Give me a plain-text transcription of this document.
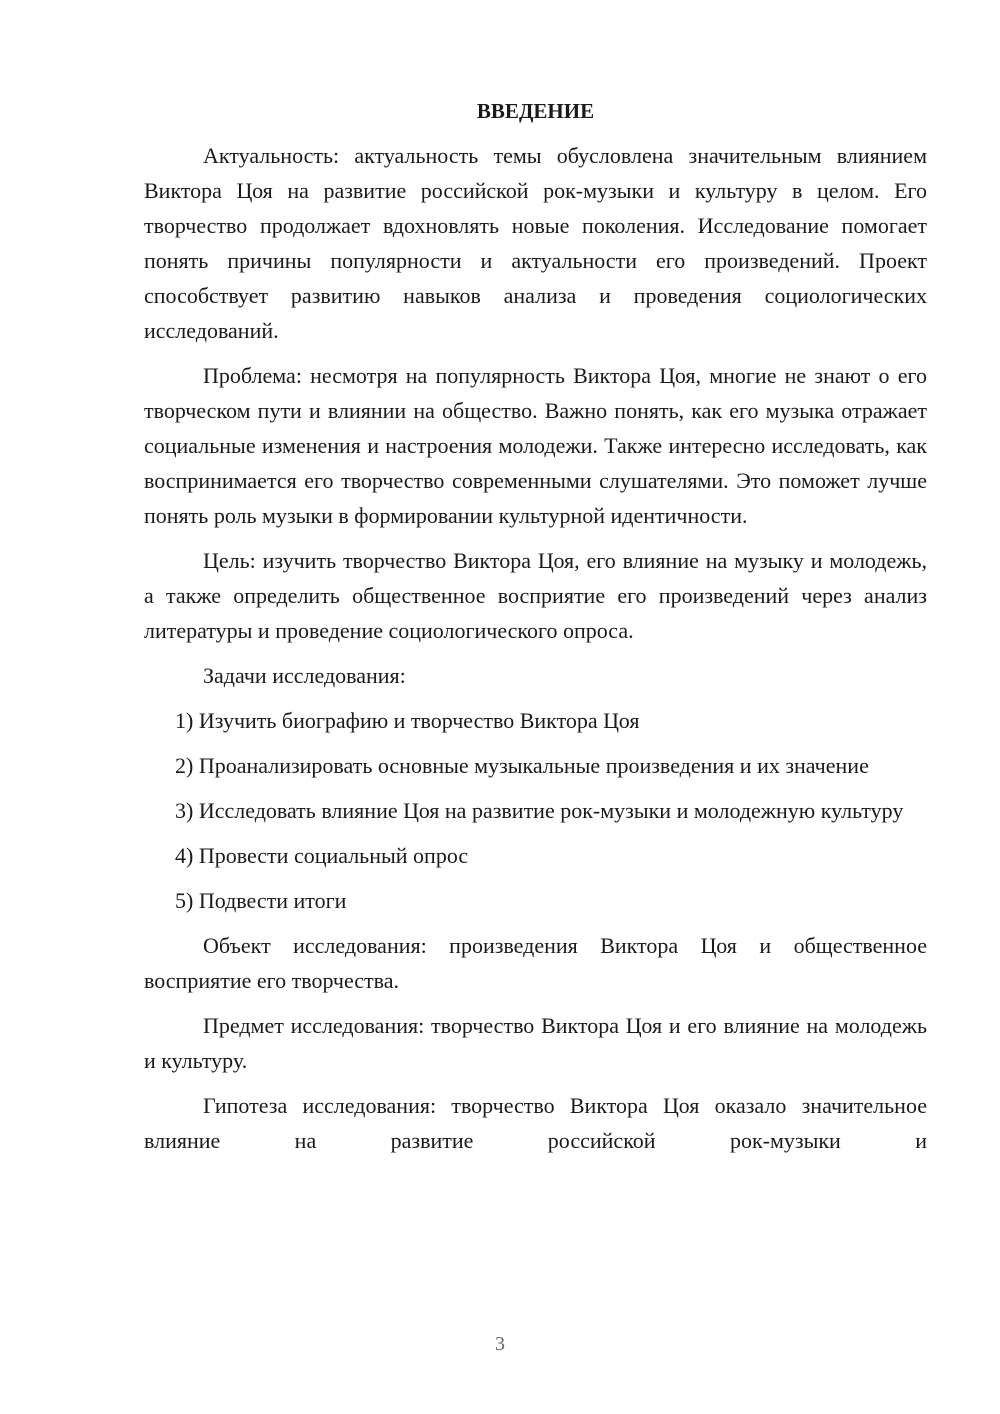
ВВЕДЕНИЕ

Актуальность: актуальность темы обусловлена значительным влиянием Виктора Цоя на развитие российской рок-музыки и культуру в целом. Его творчество продолжает вдохновлять новые поколения. Исследование помогает понять причины популярности и актуальности его произведений. Проект способствует развитию навыков анализа и проведения социологических исследований.

Проблема: несмотря на популярность Виктора Цоя, многие не знают о его творческом пути и влиянии на общество. Важно понять, как его музыка отражает социальные изменения и настроения молодежи. Также интересно исследовать, как воспринимается его творчество современными слушателями. Это поможет лучше понять роль музыки в формировании культурной идентичности.

Цель: изучить творчество Виктора Цоя, его влияние на музыку и молодежь, а также определить общественное восприятие его произведений через анализ литературы и проведение социологического опроса.

Задачи исследования:

1) Изучить биографию и творчество Виктора Цоя

2) Проанализировать основные музыкальные произведения и их значение

3) Исследовать влияние Цоя на развитие рок-музыки и молодежную культуру

4) Провести социальный опрос

5) Подвести итоги

Объект исследования: произведения Виктора Цоя и общественное восприятие его творчества.

Предмет исследования: творчество Виктора Цоя и его влияние на молодежь и культуру.

Гипотеза исследования: творчество Виктора Цоя оказало значительное влияние на развитие российской рок-музыки и

3
